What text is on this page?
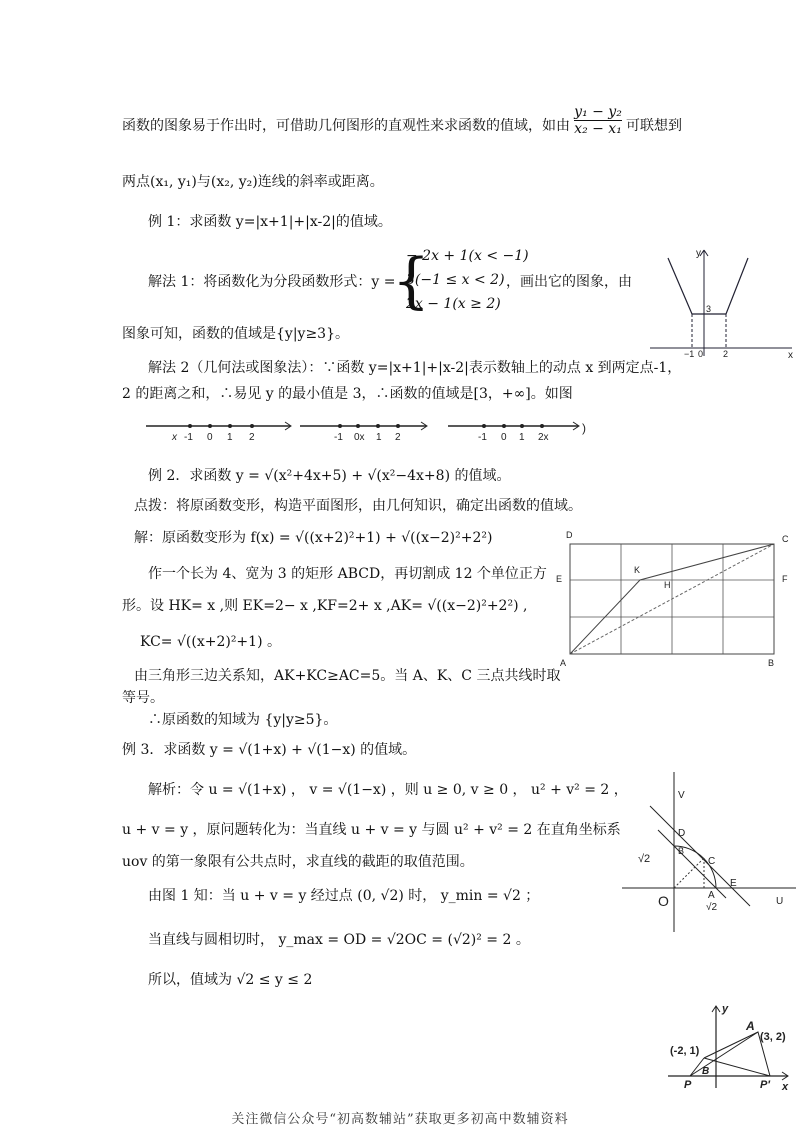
函数的图象易于作出时，可借助几何图形的直观性来求函数的值域，如由 $\frac{\text{y₁ − y₂}}{\text{x₂ − x₁}}$ 可联想到
两点(x₁, y₁)与(x₂, y₂)连线的斜率或距离。
例 1：求函数 y=|x+1|+|x-2|的值域。
解法 1：将函数化为分段函数形式：y =
{
− 2x + 1(x < −1)
3(−1 ≤ x < 2)
2x − 1(x ≥ 2)
，画出它的图象，由
图象可知，函数的值域是{y|y≥3}。
y
x
3
−1 0 2
解法 2（几何法或图象法）：∵函数 y=|x+1|+|x-2|表示数轴上的动点 x 到两定点-1，
2 的距离之和，∴易见 y 的最小值是 3，∴函数的值域是[3，+∞]。如图
x -1 0 1 2	-1 0x 1 2	-1 0 1 2x
)
例 2．求函数 y = √(x²+4x+5) + √(x²−4x+8) 的值域。
点拨：将原函数变形，构造平面图形，由几何知识，确定出函数的值域。
解：原函数变形为 f(x) = √((x+2)²+1) + √((x−2)²+2²)
作一个长为 4、宽为 3 的矩形 ABCD，再切割成 12 个单位正方
形。设 HK= x ,则 EK=2− x ,KF=2+ x ,AK= √((x−2)²+2²) ,
KC= √((x+2)²+1) 。
由三角形三边关系知，AK+KC≥AC=5。当 A、K、C 三点共线时取
等号。
∴原函数的知域为 {y|y≥5}。
D	C
E	F
K
H
A	B
例 3．求函数 y = √(1+x) + √(1−x) 的值域。
解析：令 u = √(1+x) ， v = √(1−x) ，则 u ≥ 0, v ≥ 0 ， u² + v² = 2 ，
u + v = y ，原问题转化为：当直线 u + v = y 与圆 u² + v² = 2 在直角坐标系
uov 的第一象限有公共点时，求直线的截距的取值范围。
由图 1 知：当 u + v = y 经过点 (0, √2) 时， y_min = √2 ；
当直线与圆相切时， y_max = OD = √2OC = (√2)² = 2 。
所以，值域为 √2 ≤ y ≤ 2
V
U
D
B
C
E
O	A
√2
√2
y
x
A
(3, 2)
(-2, 1)
P
B
P′
关注微信公众号“初高数辅站”获取更多初高中数辅资料
